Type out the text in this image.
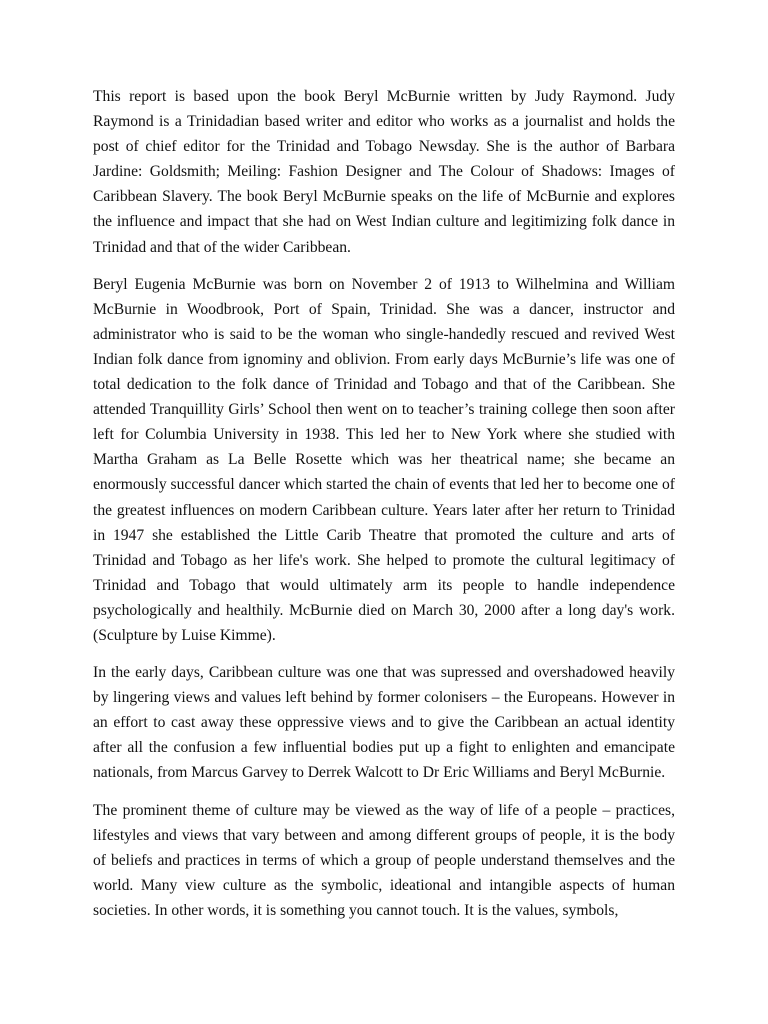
This report is based upon the book Beryl McBurnie written by Judy Raymond. Judy Raymond is a Trinidadian based writer and editor who works as a journalist and holds the post of chief editor for the Trinidad and Tobago Newsday. She is the author of Barbara Jardine: Goldsmith; Meiling: Fashion Designer and The Colour of Shadows: Images of Caribbean Slavery. The book Beryl McBurnie speaks on the life of McBurnie and explores the influence and impact that she had on West Indian culture and legitimizing folk dance in Trinidad and that of the wider Caribbean.

Beryl Eugenia McBurnie was born on November 2 of 1913 to Wilhelmina and William McBurnie in Woodbrook, Port of Spain, Trinidad. She was a dancer, instructor and administrator who is said to be the woman who single-handedly rescued and revived West Indian folk dance from ignominy and oblivion. From early days McBurnie’s life was one of total dedication to the folk dance of Trinidad and Tobago and that of the Caribbean. She attended Tranquillity Girls’ School then went on to teacher’s training college then soon after left for Columbia University in 1938. This led her to New York where she studied with Martha Graham as La Belle Rosette which was her theatrical name; she became an enormously successful dancer which started the chain of events that led her to become one of the greatest influences on modern Caribbean culture. Years later after her return to Trinidad in 1947 she established the Little Carib Theatre that promoted the culture and arts of Trinidad and Tobago as her life's work. She helped to promote the cultural legitimacy of Trinidad and Tobago that would ultimately arm its people to handle independence psychologically and healthily. McBurnie died on March 30, 2000 after a long day's work. (Sculpture by Luise Kimme).

In the early days, Caribbean culture was one that was supressed and overshadowed heavily by lingering views and values left behind by former colonisers – the Europeans. However in an effort to cast away these oppressive views and to give the Caribbean an actual identity after all the confusion a few influential bodies put up a fight to enlighten and emancipate nationals, from Marcus Garvey to Derrek Walcott to Dr Eric Williams and Beryl McBurnie.

The prominent theme of culture may be viewed as the way of life of a people – practices, lifestyles and views that vary between and among different groups of people, it is the body of beliefs and practices in terms of which a group of people understand themselves and the world. Many view culture as the symbolic, ideational and intangible aspects of human societies. In other words, it is something you cannot touch. It is the values, symbols,
